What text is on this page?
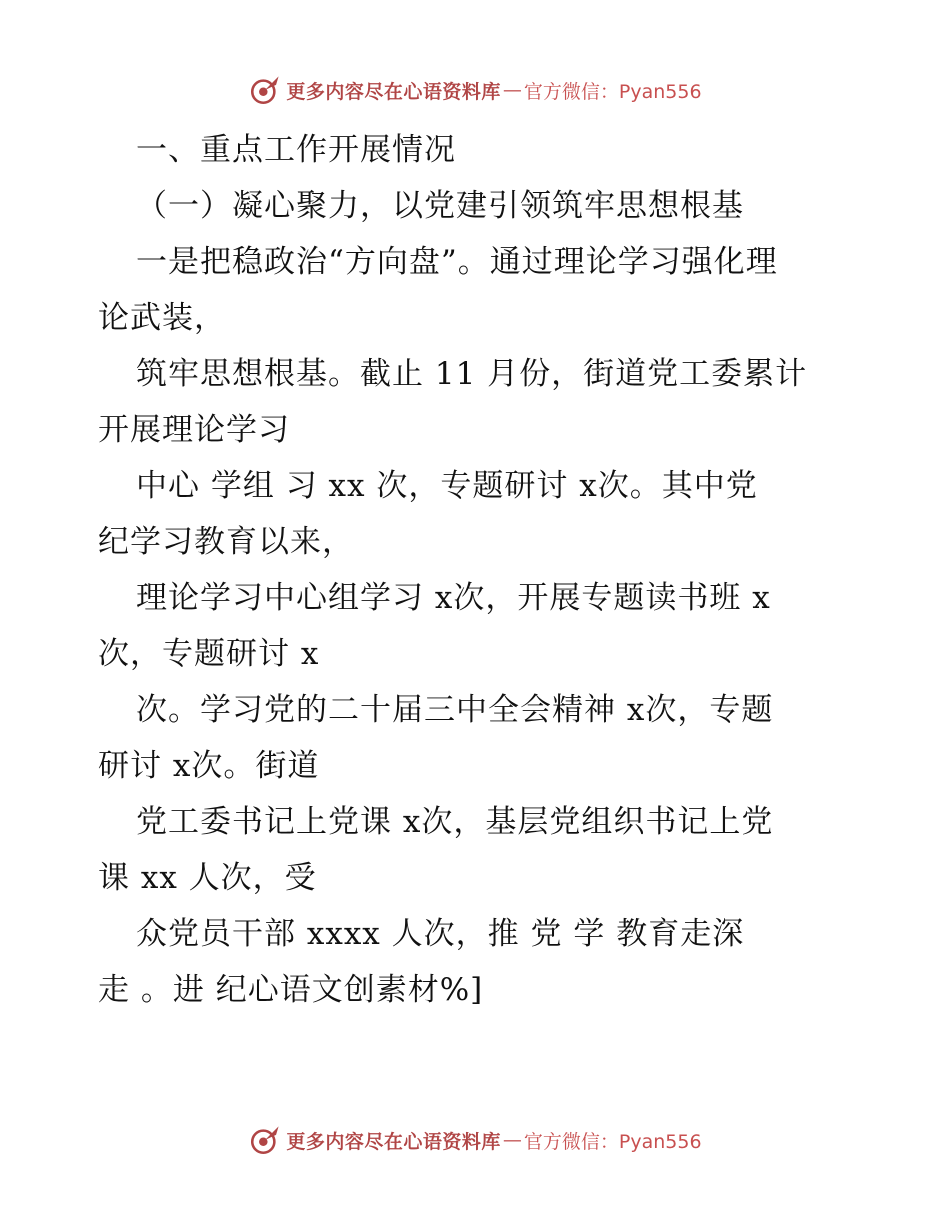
更多内容尽在心语资料库 — 官方微信：Pyan556
一、重点工作开展情况
（一）凝心聚力，以党建引领筑牢思想根基
一是把稳政治“方向盘”。通过理论学习强化理
论武装，
筑牢思想根基。截止 11 月份，街道党工委累计
开展理论学习
中心 学组 习 xx 次，专题研讨 x次。其中党
纪学习教育以来，
理论学习中心组学习 x次，开展专题读书班 x
次，专题研讨 x
次。学习党的二十届三中全会精神 x次，专题
研讨 x次。街道
党工委书记上党课 x次，基层党组织书记上党
课 xx 人次，受
众党员干部 xxxx 人次，推 党 学 教育走深
走 。进 纪心语文创素材%]
更多内容尽在心语资料库 — 官方微信：Pyan556
